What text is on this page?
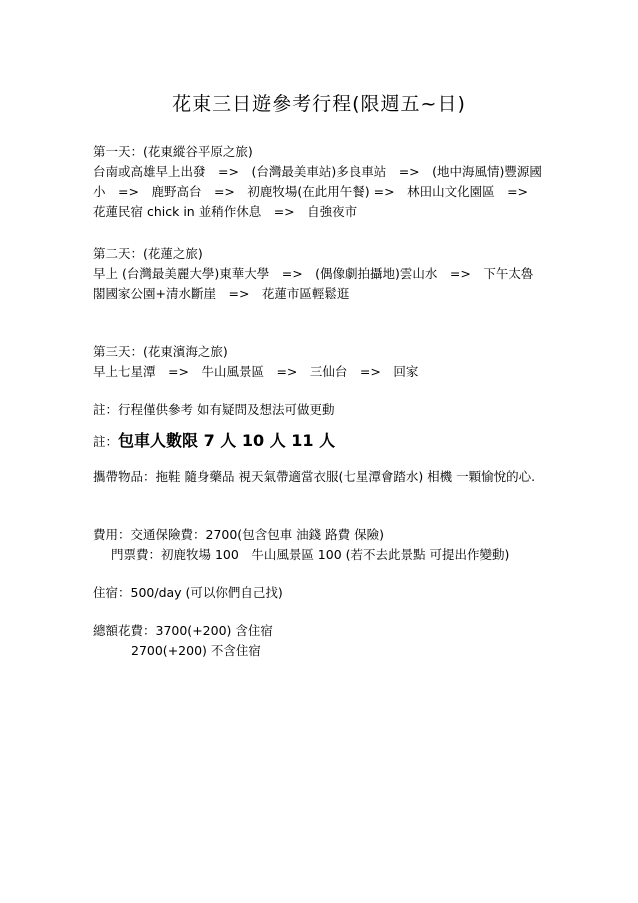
花東三日遊參考行程(限週五~日)

第一天：(花東縱谷平原之旅)

台南或高雄早上出發　=>　(台灣最美車站)多良車站　=>　(地中海風情)豐源國小　=>　鹿野高台　=>　初鹿牧場(在此用午餐) =>　林田山文化園區　=>　花蓮民宿 chick in 並稍作休息　=>　自強夜市

第二天：(花蓮之旅)

早上 (台灣最美麗大學)東華大學　=>　(偶像劇拍攝地)雲山水　=>　下午太魯閣國家公園+清水斷崖　=>　花蓮市區輕鬆逛

第三天：(花東濱海之旅)

早上七星潭　=>　牛山風景區　=>　三仙台　=>　回家

註：行程僅供參考 如有疑問及想法可做更動

註：包車人數限 7 人 10 人 11 人

攜帶物品：拖鞋 隨身藥品 視天氣帶適當衣服(七星潭會踏水) 相機 一顆愉悅的心.

費用：交通保險費：2700(包含包車 油錢 路費 保險)

門票費：初鹿牧場 100　牛山風景區 100 (若不去此景點 可提出作變動)

住宿：500/day (可以你們自己找)

總額花費：3700(+200) 含住宿

2700(+200) 不含住宿
